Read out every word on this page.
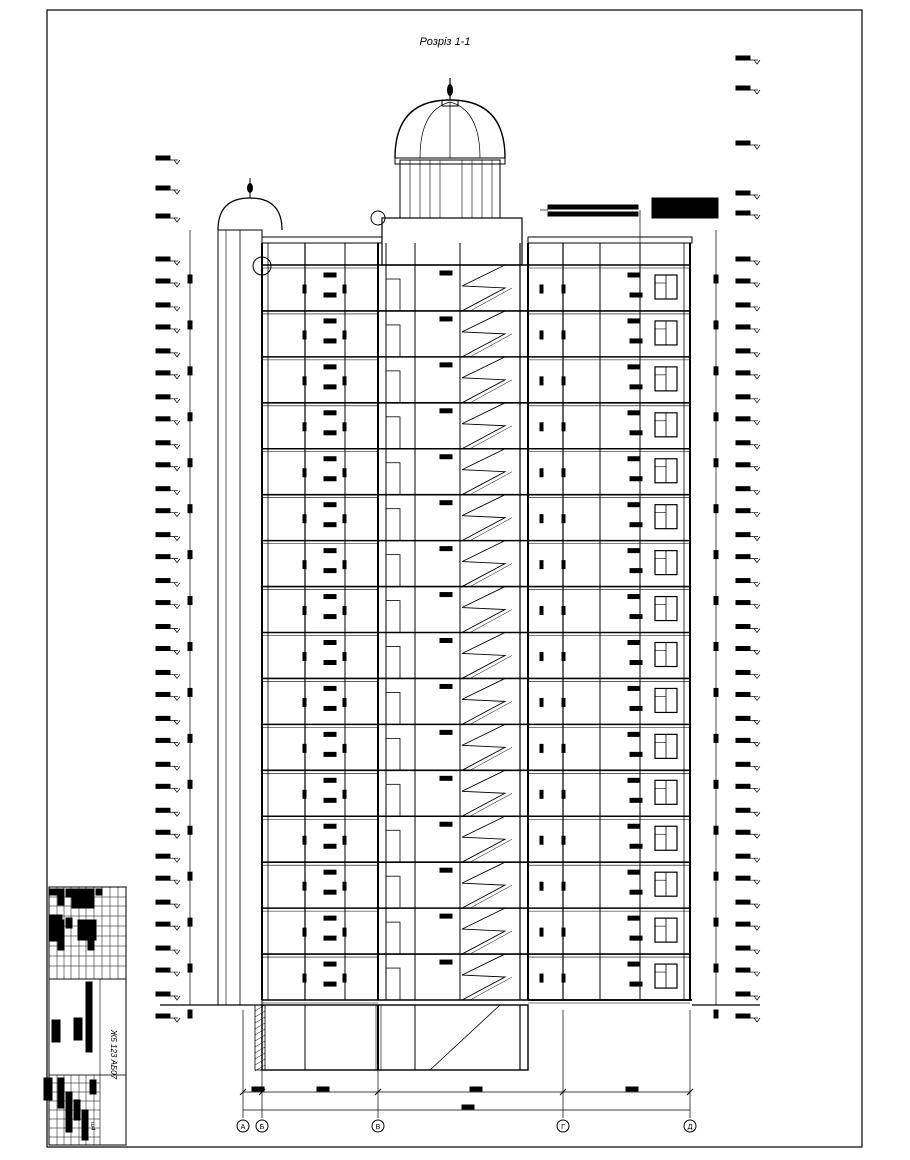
А Б	В	Г	Д
Розріз 1-1
Ж5 123 АБ07
ш4
